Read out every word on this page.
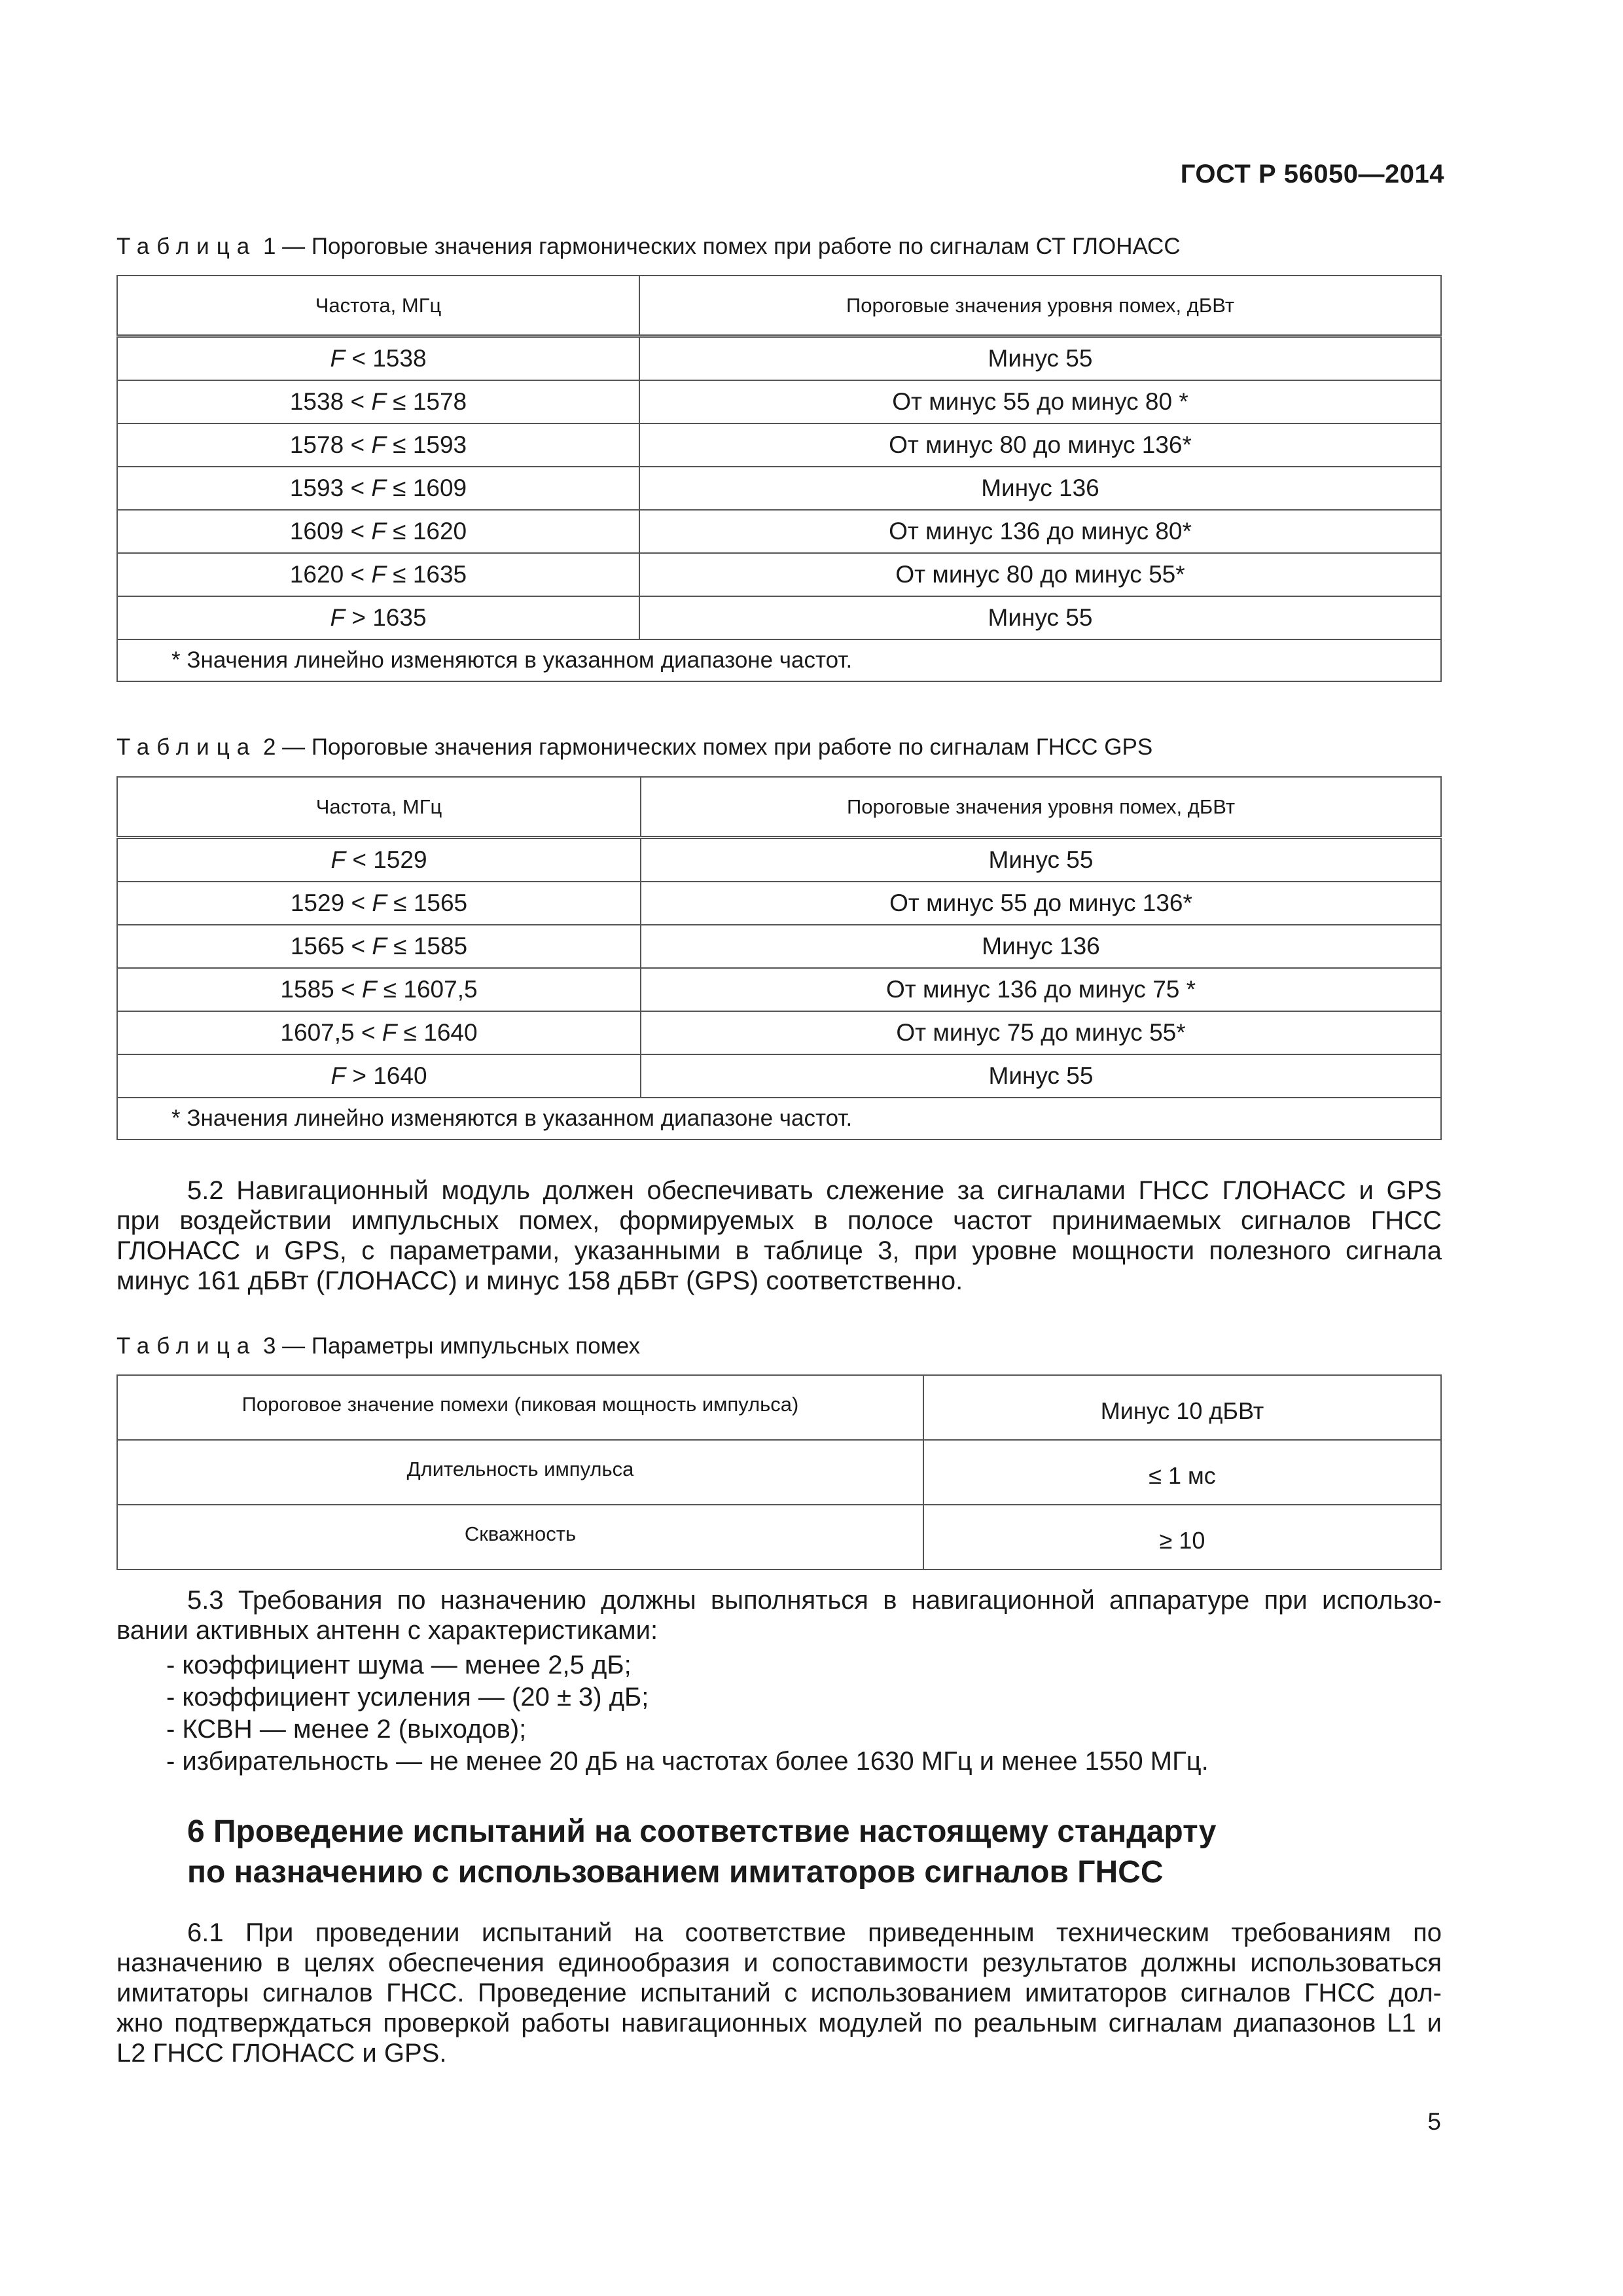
ГОСТ Р 56050—2014
Таблица 1 — Пороговые значения гармонических помех при работе по сигналам СТ ГЛОНАСС
Частота, МГц	Пороговые значения уровня помех, дБВт
F < 1538	Минус 55
1538 < F ≤ 1578	От минус 55 до минус 80 *
1578 < F ≤ 1593	От минус 80 до минус 136*
1593 < F ≤ 1609	Минус 136
1609 < F ≤ 1620	От минус 136 до минус 80*
1620 < F ≤ 1635	От минус 80 до минус 55*
F > 1635	Минус 55
* Значения линейно изменяются в указанном диапазоне частот.	
Таблица 2 — Пороговые значения гармонических помех при работе по сигналам ГНСС GPS
Частота, МГц	Пороговые значения уровня помех, дБВт
F < 1529	Минус 55
1529 < F ≤ 1565	От минус 55 до минус 136*
1565 < F ≤ 1585	Минус 136
1585 < F ≤ 1607,5	От минус 136 до минус 75 *
1607,5 < F ≤ 1640	От минус 75 до минус 55*
F > 1640	Минус 55
* Значения линейно изменяются в указанном диапазоне частот.	
5.2 Навигационный модуль должен обеспечивать слежение за сигналами ГНСС ГЛОНАСС и GPS
при воздействии импульсных помех, формируемых в полосе частот принимаемых сигналов ГНСС
ГЛОНАСС и GPS, с параметрами, указанными в таблице 3, при уровне мощности полезного сигнала
минус 161 дБВт (ГЛОНАСС) и минус 158 дБВт (GPS) соответственно.
Таблица 3 — Параметры импульсных помех
Пороговое значение помехи (пиковая мощность импульса)	Минус 10 дБВт
Длительность импульса	≤ 1 мс
Скважность	≥ 10
5.3 Требования по назначению должны выполняться в навигационной аппаратуре при использо-
вании активных антенн с характеристиками:
- коэффициент шума — менее 2,5 дБ;
- коэффициент усиления — (20 ± 3) дБ;
- КСВН — менее 2 (выходов);
- избирательность — не менее 20 дБ на частотах более 1630 МГц и менее 1550 МГц.
6 Проведение испытаний на соответствие настоящему стандарту
по назначению с использованием имитаторов сигналов ГНСС
6.1 При проведении испытаний на соответствие приведенным техническим требованиям по
назначению в целях обеспечения единообразия и сопоставимости результатов должны использоваться
имитаторы сигналов ГНСС. Проведение испытаний с использованием имитаторов сигналов ГНСС дол-
жно подтверждаться проверкой работы навигационных модулей по реальным сигналам диапазонов L1 и
L2 ГНСС ГЛОНАСС и GPS.
5
